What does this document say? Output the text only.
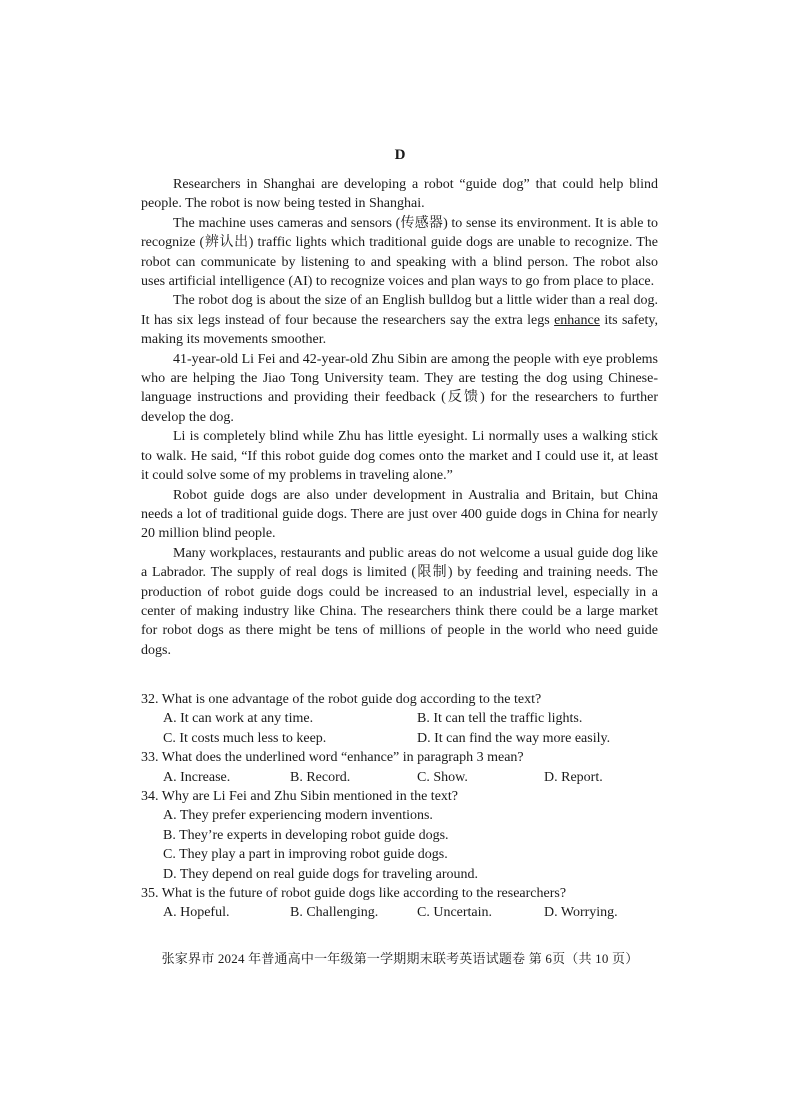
D

Researchers in Shanghai are developing a robot “guide dog” that could help blind people. The robot is now being tested in Shanghai.

The machine uses cameras and sensors (传感器) to sense its environment. It is able to recognize (辨认出) traffic lights which traditional guide dogs are unable to recognize. The robot can communicate by listening to and speaking with a blind person. The robot also uses artificial intelligence (AI) to recognize voices and plan ways to go from place to place.

The robot dog is about the size of an English bulldog but a little wider than a real dog. It has six legs instead of four because the researchers say the extra legs enhance its safety, making its movements smoother.

41-year-old Li Fei and 42-year-old Zhu Sibin are among the people with eye problems who are helping the Jiao Tong University team. They are testing the dog using Chinese-language instructions and providing their feedback (反馈) for the researchers to further develop the dog.

Li is completely blind while Zhu has little eyesight. Li normally uses a walking stick to walk. He said, “If this robot guide dog comes onto the market and I could use it, at least it could solve some of my problems in traveling alone.”

Robot guide dogs are also under development in Australia and Britain, but China needs a lot of traditional guide dogs. There are just over 400 guide dogs in China for nearly 20 million blind people.

Many workplaces, restaurants and public areas do not welcome a usual guide dog like a Labrador. The supply of real dogs is limited (限制) by feeding and training needs. The production of robot guide dogs could be increased to an industrial level, especially in a center of making industry like China. The researchers think there could be a large market for robot dogs as there might be tens of millions of people in the world who need guide dogs.

32. What is one advantage of the robot guide dog according to the text?
A. It can work at any time.	B. It can tell the traffic lights.
C. It costs much less to keep.	D. It can find the way more easily.
33. What does the underlined word “enhance” in paragraph 3 mean?
A. Increase.	B. Record.	C. Show.	D. Report.
34. Why are Li Fei and Zhu Sibin mentioned in the text?
A. They prefer experiencing modern inventions.
B. They’re experts in developing robot guide dogs.
C. They play a part in improving robot guide dogs.
D. They depend on real guide dogs for traveling around.
35. What is the future of robot guide dogs like according to the researchers?
A. Hopeful.	B. Challenging.	C. Uncertain.	D. Worrying.
张家界市 2024 年普通高中一年级第一学期期末联考英语试题卷 第 6页（共 10 页）
